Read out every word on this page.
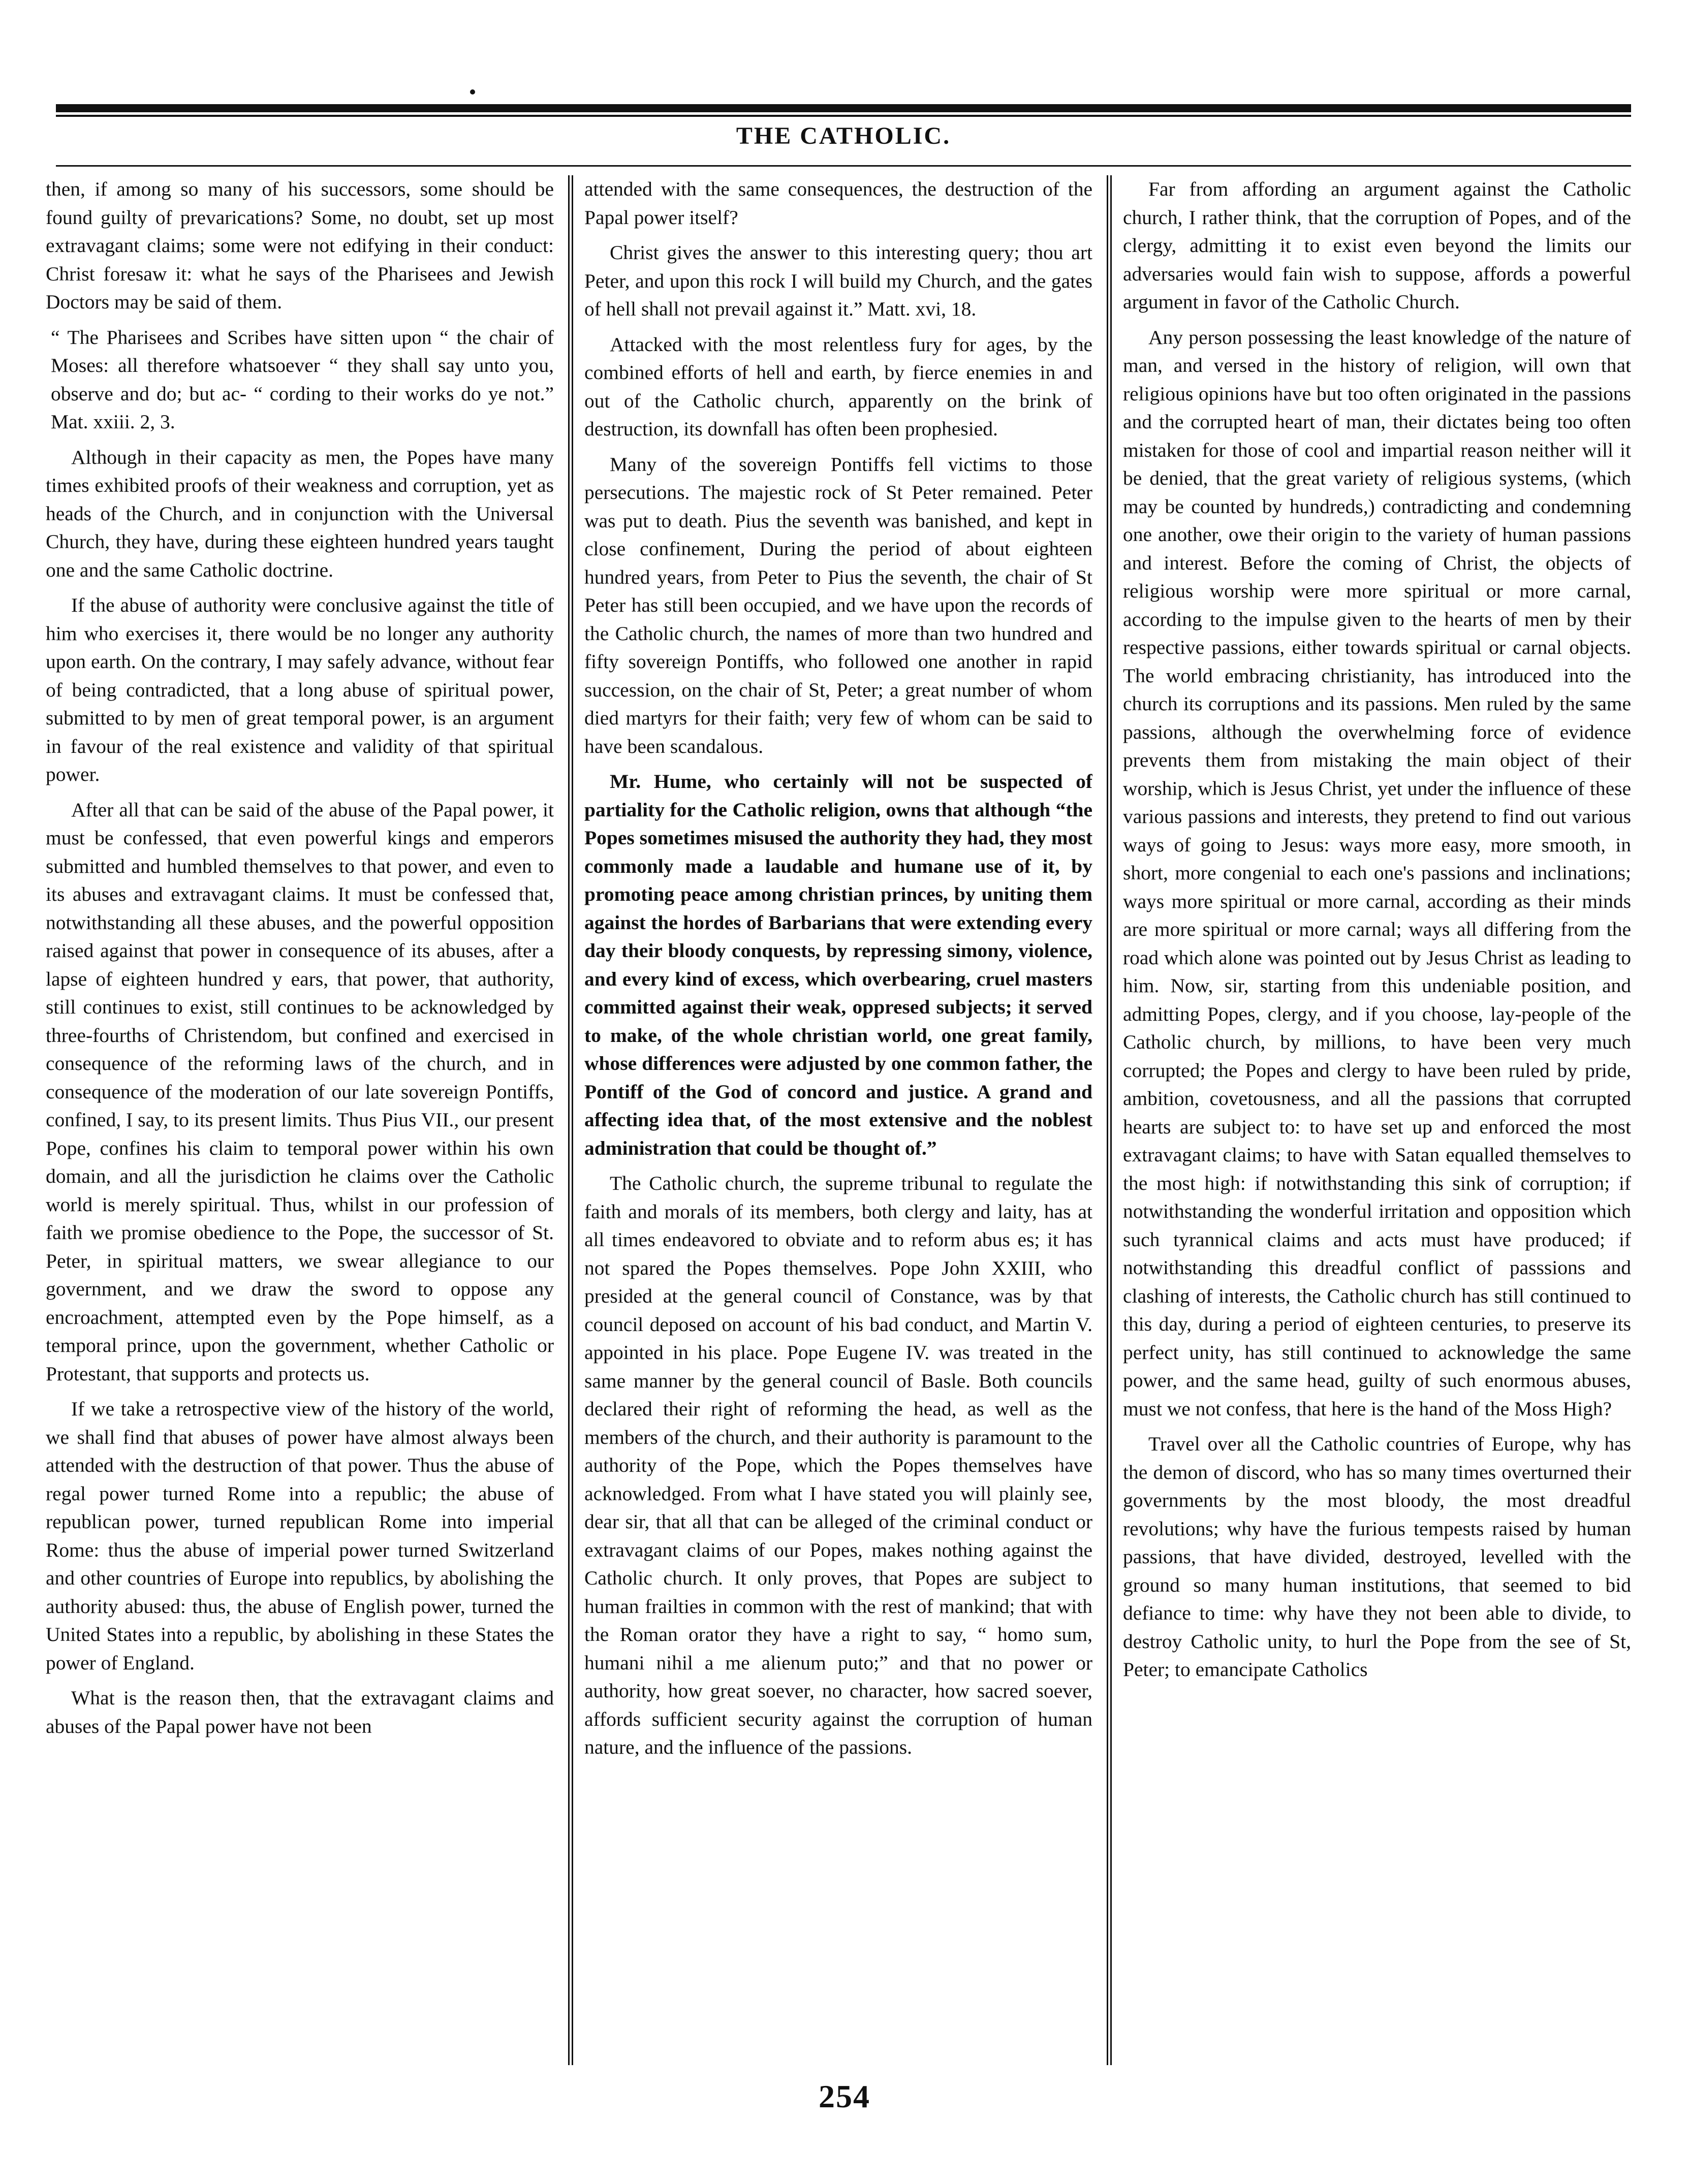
THE CATHOLIC.

then, if among so many of his successors, some should be found guilty of prevarications? Some, no doubt, set up most extravagant claims; some were not edifying in their conduct: Christ foresaw it: what he says of the Pharisees and Jewish Doctors may be said of them.

“ The Pharisees and Scribes have sitten upon “ the chair of Moses: all therefore whatsoever “ they shall say unto you, observe and do; but ac- “ cording to their works do ye not.” Mat. xxiii. 2, 3.

Although in their capacity as men, the Popes have many times exhibited proofs of their weakness and corruption, yet as heads of the Church, and in conjunction with the Universal Church, they have, during these eighteen hundred years taught one and the same Catholic doctrine.

If the abuse of authority were conclusive against the title of him who exercises it, there would be no longer any authority upon earth. On the contrary, I may safely advance, without fear of being contradicted, that a long abuse of spiritual power, submitted to by men of great temporal power, is an argument in favour of the real existence and validity of that spiritual power.

After all that can be said of the abuse of the Papal power, it must be confessed, that even powerful kings and emperors submitted and humbled themselves to that power, and even to its abuses and extravagant claims. It must be confessed that, notwithstanding all these abuses, and the powerful opposition raised against that power in consequence of its abuses, after a lapse of eighteen hundred y ears, that power, that authority, still continues to exist, still continues to be acknowledged by three-fourths of Christendom, but confined and exercised in consequence of the reforming laws of the church, and in consequence of the moderation of our late sovereign Pontiffs, confined, I say, to its present limits. Thus Pius VII., our present Pope, confines his claim to temporal power within his own domain, and all the jurisdiction he claims over the Catholic world is merely spiritual. Thus, whilst in our profession of faith we promise obedience to the Pope, the successor of St. Peter, in spiritual matters, we swear allegiance to our government, and we draw the sword to oppose any encroachment, attempted even by the Pope himself, as a temporal prince, upon the government, whether Catholic or Protestant, that supports and protects us.

If we take a retrospective view of the history of the world, we shall find that abuses of power have almost always been attended with the destruction of that power. Thus the abuse of regal power turned Rome into a republic; the abuse of republican power, turned republican Rome into imperial Rome: thus the abuse of imperial power turned Switzerland and other countries of Europe into republics, by abolishing the authority abused: thus, the abuse of English power, turned the United States into a republic, by abolishing in these States the power of England.

What is the reason then, that the extravagant claims and abuses of the Papal power have not been

attended with the same consequences, the destruction of the Papal power itself?

Christ gives the answer to this interesting query; thou art Peter, and upon this rock I will build my Church, and the gates of hell shall not prevail against it.” Matt. xvi, 18.

Attacked with the most relentless fury for ages, by the combined efforts of hell and earth, by fierce enemies in and out of the Catholic church, apparently on the brink of destruction, its downfall has often been prophesied.

Many of the sovereign Pontiffs fell victims to those persecutions. The majestic rock of St Peter remained. Peter was put to death. Pius the seventh was banished, and kept in close confinement, During the period of about eighteen hundred years, from Peter to Pius the seventh, the chair of St Peter has still been occupied, and we have upon the records of the Catholic church, the names of more than two hundred and fifty sovereign Pontiffs, who followed one another in rapid succession, on the chair of St, Peter; a great number of whom died martyrs for their faith; very few of whom can be said to have been scandalous.

Mr. Hume, who certainly will not be suspected of partiality for the Catholic religion, owns that although “the Popes sometimes misused the authority they had, they most commonly made a laudable and humane use of it, by promoting peace among christian princes, by uniting them against the hordes of Barbarians that were extending every day their bloody conquests, by repressing simony, violence, and every kind of excess, which overbearing, cruel masters committed against their weak, oppresed subjects; it served to make, of the whole christian world, one great family, whose differences were adjusted by one common father, the Pontiff of the God of concord and justice. A grand and affecting idea that, of the most extensive and the noblest administration that could be thought of.”

The Catholic church, the supreme tribunal to regulate the faith and morals of its members, both clergy and laity, has at all times endeavored to obviate and to reform abus es; it has not spared the Popes themselves. Pope John XXIII, who presided at the general council of Constance, was by that council deposed on account of his bad conduct, and Martin V. appointed in his place. Pope Eugene IV. was treated in the same manner by the general council of Basle. Both councils declared their right of reforming the head, as well as the members of the church, and their authority is paramount to the authority of the Pope, which the Popes themselves have acknowledged. From what I have stated you will plainly see, dear sir, that all that can be alleged of the criminal conduct or extravagant claims of our Popes, makes nothing against the Catholic church. It only proves, that Popes are subject to human frailties in common with the rest of mankind; that with the Roman orator they have a right to say, “ homo sum, humani nihil a me alienum puto;” and that no power or authority, how great soever, no character, how sacred soever, affords sufficient security against the corruption of human nature, and the influence of the passions.

Far from affording an argument against the Catholic church, I rather think, that the corruption of Popes, and of the clergy, admitting it to exist even beyond the limits our adversaries would fain wish to suppose, affords a powerful argument in favor of the Catholic Church.

Any person possessing the least knowledge of the nature of man, and versed in the history of religion, will own that religious opinions have but too often originated in the passions and the corrupted heart of man, their dictates being too often mistaken for those of cool and impartial reason neither will it be denied, that the great variety of religious systems, (which may be counted by hundreds,) contradicting and condemning one another, owe their origin to the variety of human passions and interest. Before the coming of Christ, the objects of religious worship were more spiritual or more carnal, according to the impulse given to the hearts of men by their respective passions, either towards spiritual or carnal objects. The world embracing christianity, has introduced into the church its corruptions and its passions. Men ruled by the same passions, although the overwhelming force of evidence prevents them from mistaking the main object of their worship, which is Jesus Christ, yet under the influence of these various passions and interests, they pretend to find out various ways of going to Jesus: ways more easy, more smooth, in short, more congenial to each one's passions and inclinations; ways more spiritual or more carnal, according as their minds are more spiritual or more carnal; ways all differing from the road which alone was pointed out by Jesus Christ as leading to him. Now, sir, starting from this undeniable position, and admitting Popes, clergy, and if you choose, lay-people of the Catholic church, by millions, to have been very much corrupted; the Popes and clergy to have been ruled by pride, ambition, covetousness, and all the passions that corrupted hearts are subject to: to have set up and enforced the most extravagant claims; to have with Satan equalled themselves to the most high: if notwithstanding this sink of corruption; if notwithstanding the wonderful irritation and opposition which such tyrannical claims and acts must have produced; if notwithstanding this dreadful conflict of passsions and clashing of interests, the Catholic church has still continued to this day, during a period of eighteen centuries, to preserve its perfect unity, has still continued to acknowledge the same power, and the same head, guilty of such enormous abuses, must we not confess, that here is the hand of the Moss High?

Travel over all the Catholic countries of Europe, why has the demon of discord, who has so many times overturned their governments by the most bloody, the most dreadful revolutions; why have the furious tempests raised by human passions, that have divided, destroyed, levelled with the ground so many human institutions, that seemed to bid defiance to time: why have they not been able to divide, to destroy Catholic unity, to hurl the Pope from the see of St, Peter; to emancipate Catholics

254
